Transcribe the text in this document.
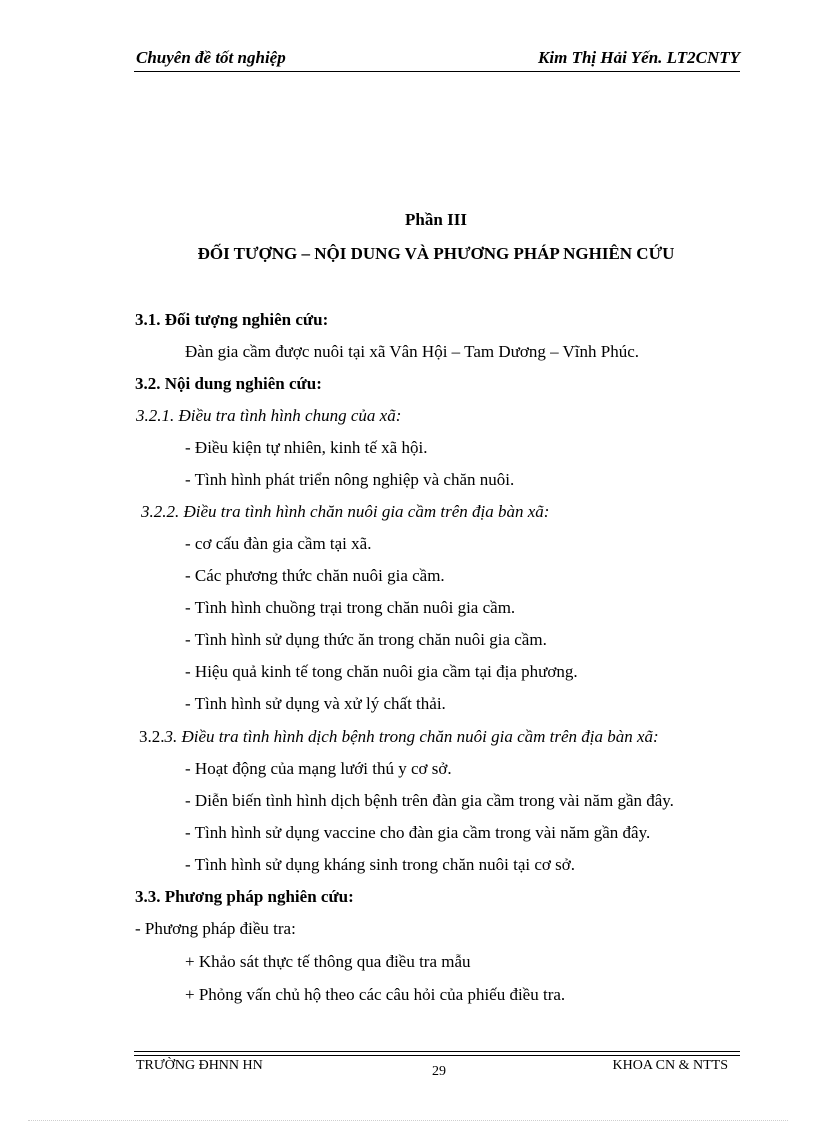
Chuyên đề tốt nghiệp	Kim Thị Hải Yến. LT2CNTY
Phần III
ĐỐI TƯỢNG – NỘI DUNG VÀ PHƯƠNG PHÁP NGHIÊN CỨU
3.1. Đối tượng nghiên cứu:
Đàn gia cầm được nuôi tại xã Vân Hội – Tam Dương – Vĩnh Phúc.
3.2. Nội dung nghiên cứu:
3.2.1. Điều tra tình hình chung của xã:
- Điều kiện tự nhiên, kinh tế xã hội.
- Tình hình phát triển nông nghiệp và chăn nuôi.
3.2.2. Điều tra tình hình chăn nuôi gia cầm trên địa bàn xã:
- cơ cấu đàn gia cầm tại xã.
- Các phương thức chăn nuôi gia cầm.
- Tình hình chuồng trại trong chăn nuôi gia cầm.
- Tình hình sử dụng thức ăn trong chăn nuôi gia cầm.
- Hiệu quả kinh tế tong chăn nuôi gia cầm tại địa phương.
- Tình hình sử dụng và xử lý chất thải.
3.2.3. Điều tra tình hình dịch bệnh trong chăn nuôi gia cầm trên địa bàn xã:
- Hoạt động của mạng lưới thú y cơ sở.
- Diễn biến tình hình dịch bệnh trên đàn gia cầm trong vài năm gần đây.
- Tình hình sử dụng vaccine cho đàn gia cầm trong vài năm gần đây.
- Tình hình sử dụng kháng sinh trong chăn nuôi tại cơ sở.
3.3. Phương pháp nghiên cứu:
- Phương pháp điều tra:
+ Khảo sát thực tế thông qua điều tra mẫu
+ Phỏng vấn chủ hộ theo các câu hỏi của phiếu điều tra.
TRƯỜNG ĐHNN HN	29	KHOA CN & NTTS
